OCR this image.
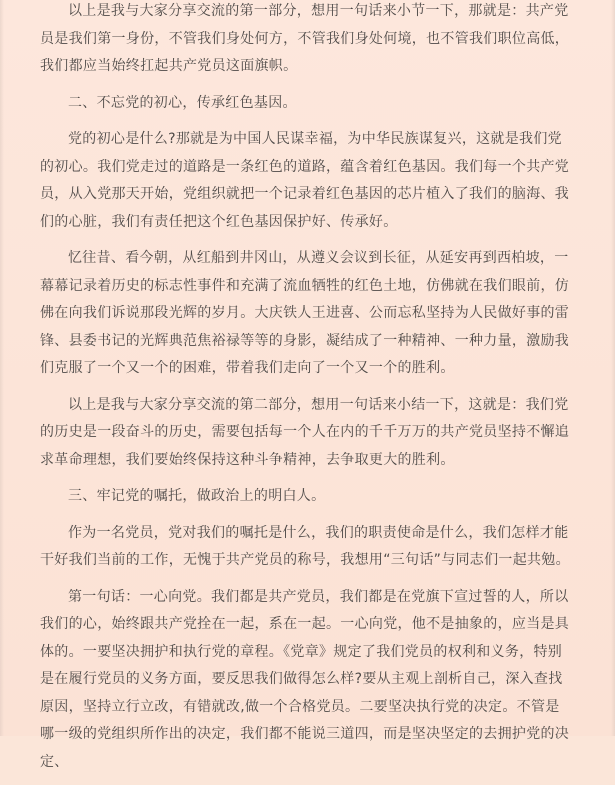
以上是我与大家分享交流的第一部分，想用一句话来小节一下，那就是：共产党员是我们第一身份，不管我们身处何方，不管我们身处何境，也不管我们职位高低，我们都应当始终扛起共产党员这面旗帜。

二、不忘党的初心，传承红色基因。

党的初心是什么?那就是为中国人民谋幸福，为中华民族谋复兴，这就是我们党的初心。我们党走过的道路是一条红色的道路，蕴含着红色基因。我们每一个共产党员，从入党那天开始，党组织就把一个记录着红色基因的芯片植入了我们的脑海、我们的心脏，我们有责任把这个红色基因保护好、传承好。

忆往昔、看今朝，从红船到井冈山，从遵义会议到长征，从延安再到西柏坡，一幕幕记录着历史的标志性事件和充满了流血牺牲的红色土地，仿佛就在我们眼前，仿佛在向我们诉说那段光辉的岁月。大庆铁人王进喜、公而忘私坚持为人民做好事的雷锋、县委书记的光辉典范焦裕禄等等的身影，凝结成了一种精神、一种力量，激励我们克服了一个又一个的困难，带着我们走向了一个又一个的胜利。

以上是我与大家分享交流的第二部分，想用一句话来小结一下，这就是：我们党的历史是一段奋斗的历史，需要包括每一个人在内的千千万万的共产党员坚持不懈追求革命理想，我们要始终保持这种斗争精神，去争取更大的胜利。

三、牢记党的嘱托，做政治上的明白人。

作为一名党员，党对我们的嘱托是什么，我们的职责使命是什么，我们怎样才能干好我们当前的工作，无愧于共产党员的称号，我想用“三句话”与同志们一起共勉。

第一句话：一心向党。我们都是共产党员，我们都是在党旗下宣过誓的人，所以我们的心，始终跟共产党拴在一起，系在一起。一心向党，他不是抽象的，应当是具体的。一要坚决拥护和执行党的章程。《党章》规定了我们党员的权利和义务，特别是在履行党员的义务方面，要反思我们做得怎么样?要从主观上剖析自己，深入查找原因，坚持立行立改，有错就改,做一个合格党员。二要坚决执行党的决定。不管是哪一级的党组织所作出的决定，我们都不能说三道四，而是坚决坚定的去拥护党的决定、
